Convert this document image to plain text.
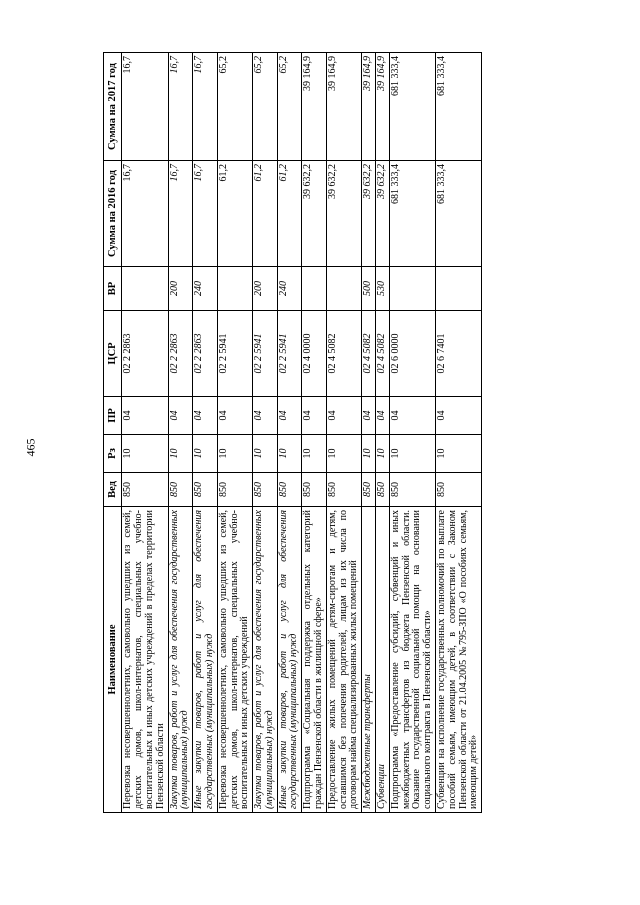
465
Наименование	Вед	Рз	ПР	ЦСР	ВР	Сумма на 2016 год	Сумма на 2017 год
Перевозка несовершеннолетних, самовольно ушедших из семей, детских домов, школ-интернатов, специальных учебно-воспитательных и иных детских учреждений в пределах территории Пензенской области	850	10	04	02 2 2863		16,7	16,7
Закупка товаров, работ и услуг для обеспечения государственных (муниципальных) нужд	850	10	04	02 2 2863	200	16,7	16,7
Иные закупки товаров, работ и услуг для обеспечения государственных (муниципальных) нужд	850	10	04	02 2 2863	240	16,7	16,7
Перевозка несовершеннолетних, самовольно ушедших из семей, детских домов, школ-интернатов, специальных учебно-воспитательных и иных детских учреждений	850	10	04	02 2 5941		61,2	65,2
Закупка товаров, работ и услуг для обеспечения государственных (муниципальных) нужд	850	10	04	02 2 5941	200	61,2	65,2
Иные закупки товаров, работ и услуг для обеспечения государственных (муниципальных) нужд	850	10	04	02 2 5941	240	61,2	65,2
Подпрограмма «Социальная поддержка отдельных категорий граждан Пензенской области в жилищной сфере»	850	10	04	02 4 0000		39 632,2	39 164,9
Предоставление жилых помещений детям-сиротам и детям, оставшимся без попечения родителей, лицам из их числа по договорам найма специализированных жилых помещений	850	10	04	02 4 5082		39 632,2	39 164,9
Межбюджетные трансферты	850	10	04	02 4 5082	500	39 632,2	39 164,9
Субвенции	850	10	04	02 4 5082	530	39 632,2	39 164,9
Подпрограмма «Предоставление субсидий, субвенций и иных межбюджетных трансфертов из бюджета Пензенской области. Оказание государственной социальной помощи на основании социального контракта в Пензенской области»	850	10	04	02 6 0000		681 333,4	681 333,4
Субвенции на исполнение государственных полномочий по выплате пособий семьям, имеющим детей, в соответствии с Законом Пензенской области от 21.04.2005 №795-ЗПО «О пособиях семьям, имеющим детей»	850	10	04	02 6 7401		681 333,4	681 333,4
